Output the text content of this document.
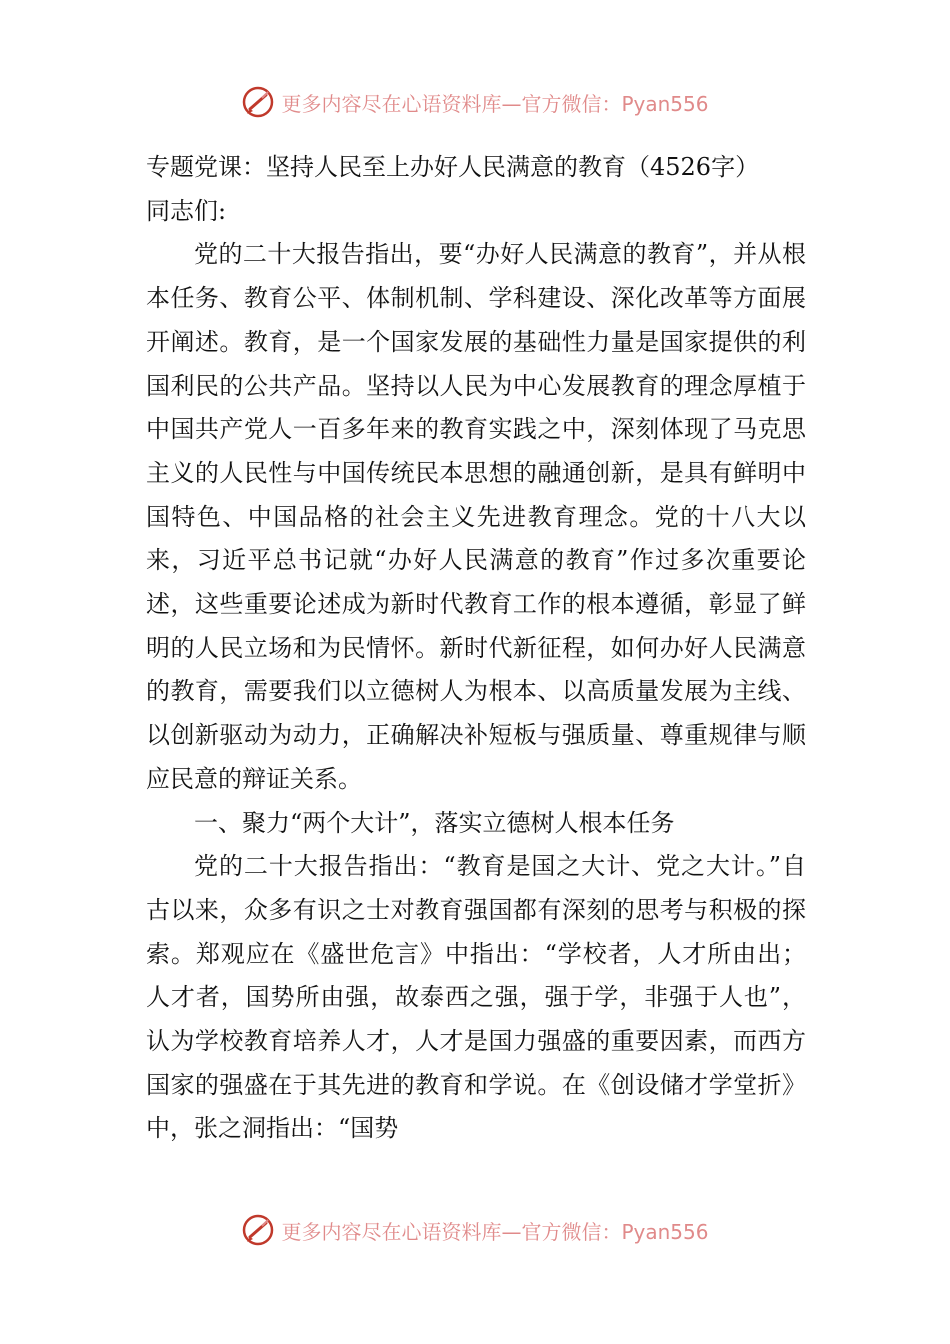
更多内容尽在心语资料库—官方微信：Pyan556

专题党课：坚持人民至上办好人民满意的教育（4526字）

同志们:

党的二十大报告指出，要“办好人民满意的教育”，并从根本任务、教育公平、体制机制、学科建设、深化改革等方面展开阐述。教育，是一个国家发展的基础性力量是国家提供的利国利民的公共产品。坚持以人民为中心发展教育的理念厚植于中国共产党人一百多年来的教育实践之中，深刻体现了马克思主义的人民性与中国传统民本思想的融通创新，是具有鲜明中国特色、中国品格的社会主义先进教育理念。党的十八大以来，习近平总书记就“办好人民满意的教育”作过多次重要论述，这些重要论述成为新时代教育工作的根本遵循，彰显了鲜明的人民立场和为民情怀。新时代新征程，如何办好人民满意的教育，需要我们以立德树人为根本、以高质量发展为主线、以创新驱动为动力，正确解决补短板与强质量、尊重规律与顺应民意的辩证关系。

一、聚力“两个大计”，落实立德树人根本任务

党的二十大报告指出：“教育是国之大计、党之大计。”自古以来，众多有识之士对教育强国都有深刻的思考与积极的探索。郑观应在《盛世危言》中指出：“学校者，人才所由出；人才者，国势所由强，故泰西之强，强于学，非强于人也”，认为学校教育培养人才，人才是国力强盛的重要因素，而西方国家的强盛在于其先进的教育和学说。在《创设储才学堂折》中，张之洞指出：“国势

更多内容尽在心语资料库—官方微信：Pyan556
